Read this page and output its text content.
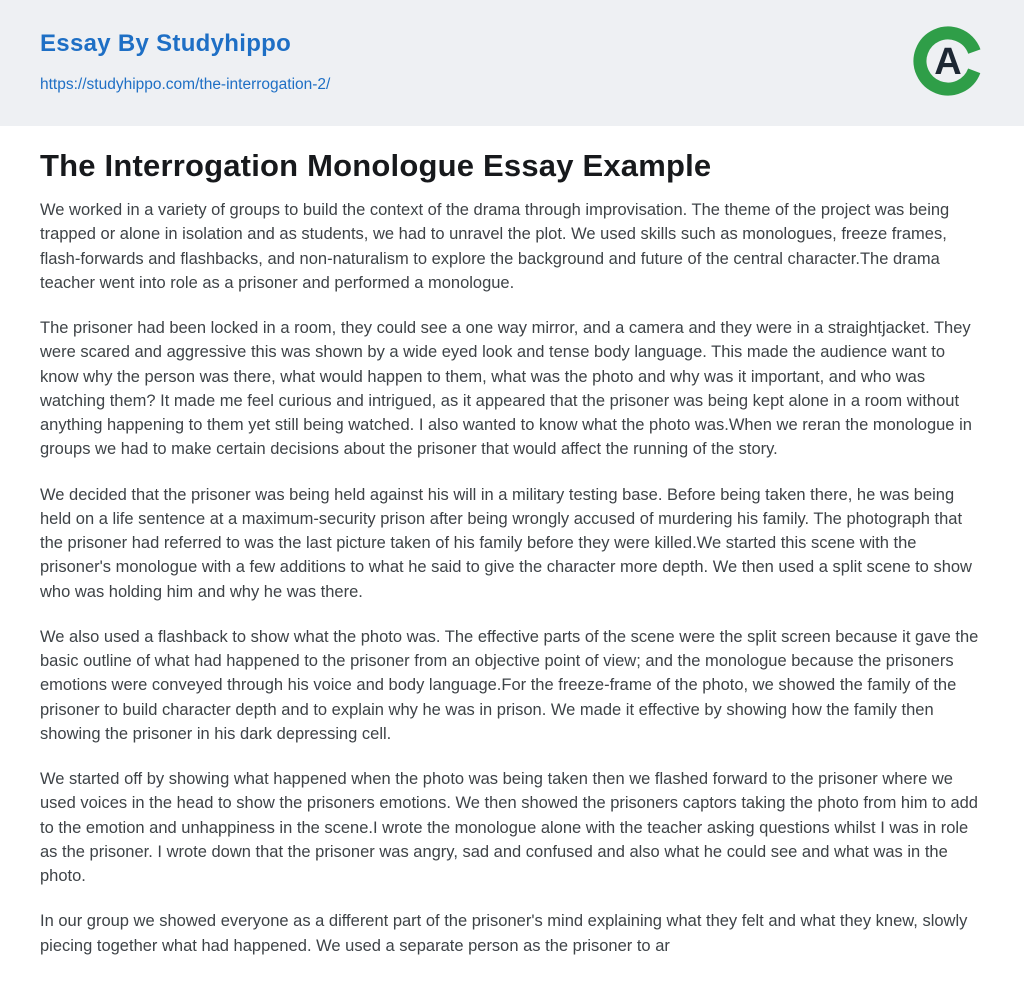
Essay By Studyhippo
https://studyhippo.com/the-interrogation-2/
A
The Interrogation Monologue Essay Example

We worked in a variety of groups to build the context of the drama through improvisation. The theme of the project was being trapped or alone in isolation and as students, we had to unravel the plot. We used skills such as monologues, freeze frames, flash-forwards and flashbacks, and non-naturalism to explore the background and future of the central character.The drama teacher went into role as a prisoner and performed a monologue.

The prisoner had been locked in a room, they could see a one way mirror, and a camera and they were in a straightjacket. They were scared and aggressive this was shown by a wide eyed look and tense body language. This made the audience want to know why the person was there, what would happen to them, what was the photo and why was it important, and who was watching them? It made me feel curious and intrigued, as it appeared that the prisoner was being kept alone in a room without anything happening to them yet still being watched. I also wanted to know what the photo was.When we reran the monologue in groups we had to make certain decisions about the prisoner that would affect the running of the story.

We decided that the prisoner was being held against his will in a military testing base. Before being taken there, he was being held on a life sentence at a maximum-security prison after being wrongly accused of murdering his family. The photograph that the prisoner had referred to was the last picture taken of his family before they were killed.We started this scene with the prisoner's monologue with a few additions to what he said to give the character more depth. We then used a split scene to show who was holding him and why he was there.

We also used a flashback to show what the photo was. The effective parts of the scene were the split screen because it gave the basic outline of what had happened to the prisoner from an objective point of view; and the monologue because the prisoners emotions were conveyed through his voice and body language.For the freeze-frame of the photo, we showed the family of the prisoner to build character depth and to explain why he was in prison. We made it effective by showing how the family then showing the prisoner in his dark depressing cell.

We started off by showing what happened when the photo was being taken then we flashed forward to the prisoner where we used voices in the head to show the prisoners emotions. We then showed the prisoners captors taking the photo from him to add to the emotion and unhappiness in the scene.I wrote the monologue alone with the teacher asking questions whilst I was in role as the prisoner. I wrote down that the prisoner was angry, sad and confused and also what he could see and what was in the photo.

In our group we showed everyone as a different part of the prisoner's mind explaining what they felt and what they knew, slowly piecing together what had happened. We used a separate person as the prisoner to ar
